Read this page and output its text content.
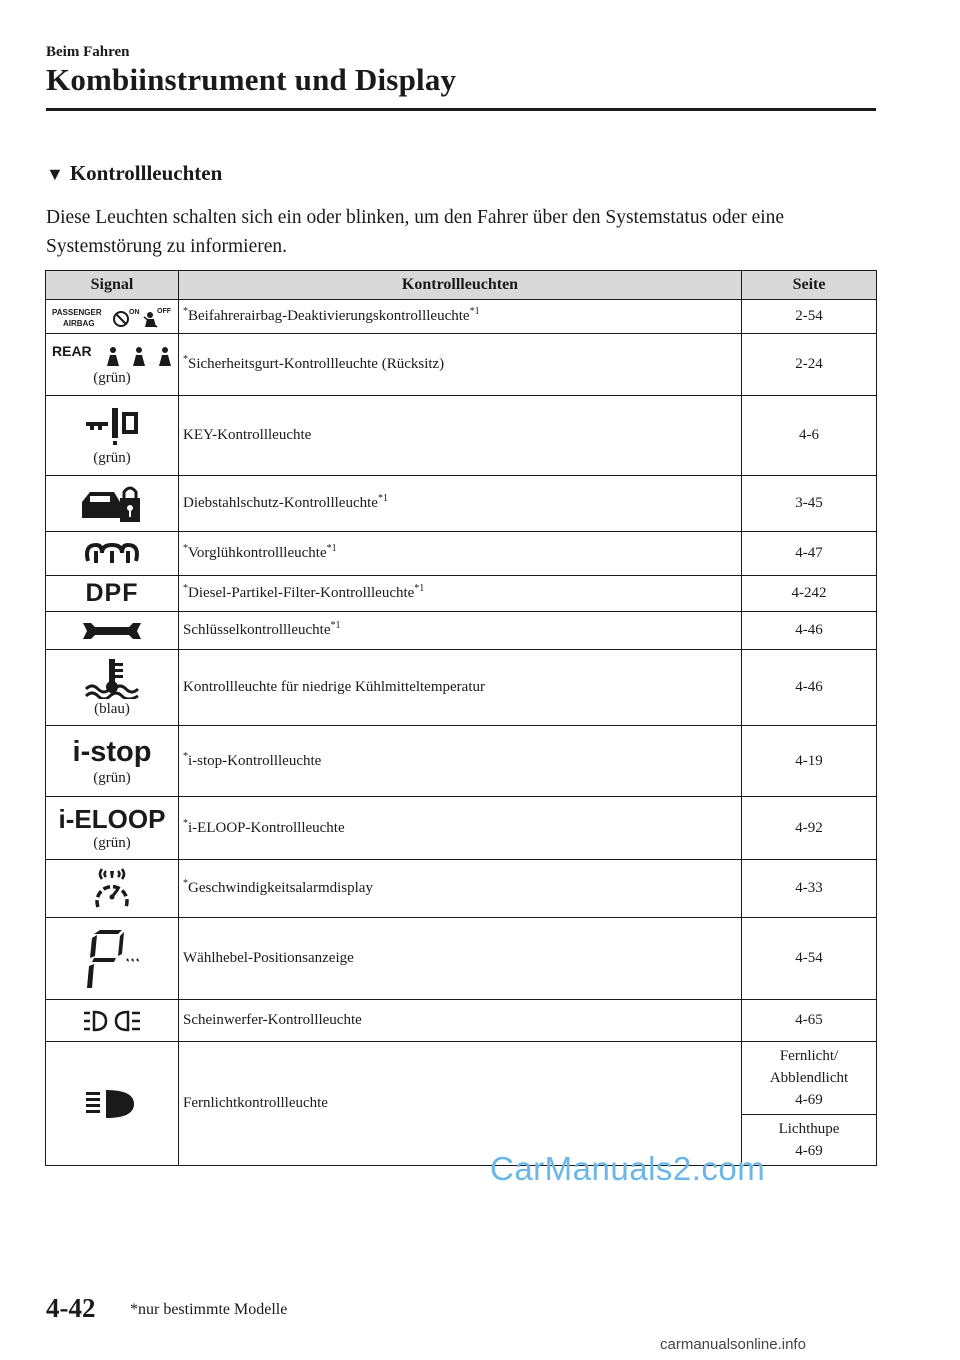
Beim Fahren
Kombiinstrument und Display
▼ Kontrollleuchten
Diese Leuchten schalten sich ein oder blinken, um den Fahrer über den Systemstatus oder eine Systemstörung zu informieren.
Signal	Kontrollleuchten	Seite

PASSENGER
AIRBAG
ON OFF	*Beifahrerairbag-Deaktivierungskontrollleuchte$^{*1}$	2-54

REAR
(grün)	*Sicherheitsgurt-Kontrollleuchte (Rücksitz)	2-24

(grün)	KEY-Kontrollleuchte	4-6
	Diebstahlschutz-Kontrollleuchte$^{*1}$	3-45
	*Vorglühkontrollleuchte$^{*1}$	4-47
DPF	*Diesel-Partikel-Filter-Kontrollleuchte$^{*1}$	4-242
	Schlüsselkontrollleuchte$^{*1}$	4-46

(blau)	Kontrollleuchte für niedrige Kühlmitteltemperatur	4-46
i-stop
(grün)	*i-stop-Kontrollleuchte	4-19
i-ELOOP
(grün)	*i-ELOOP-Kontrollleuchte	4-92
	*Geschwindigkeitsalarmdisplay	4-33
	Wählhebel-Positionsanzeige	4-54
	Scheinwerfer-Kontrollleuchte	4-65
	Fernlichtkontrollleuchte	Fernlicht/
Abblendlicht
4-69
		Lichthupe
4-69
CarManuals2.com
4-42 *nur bestimmte Modelle
carmanualsonline.info
